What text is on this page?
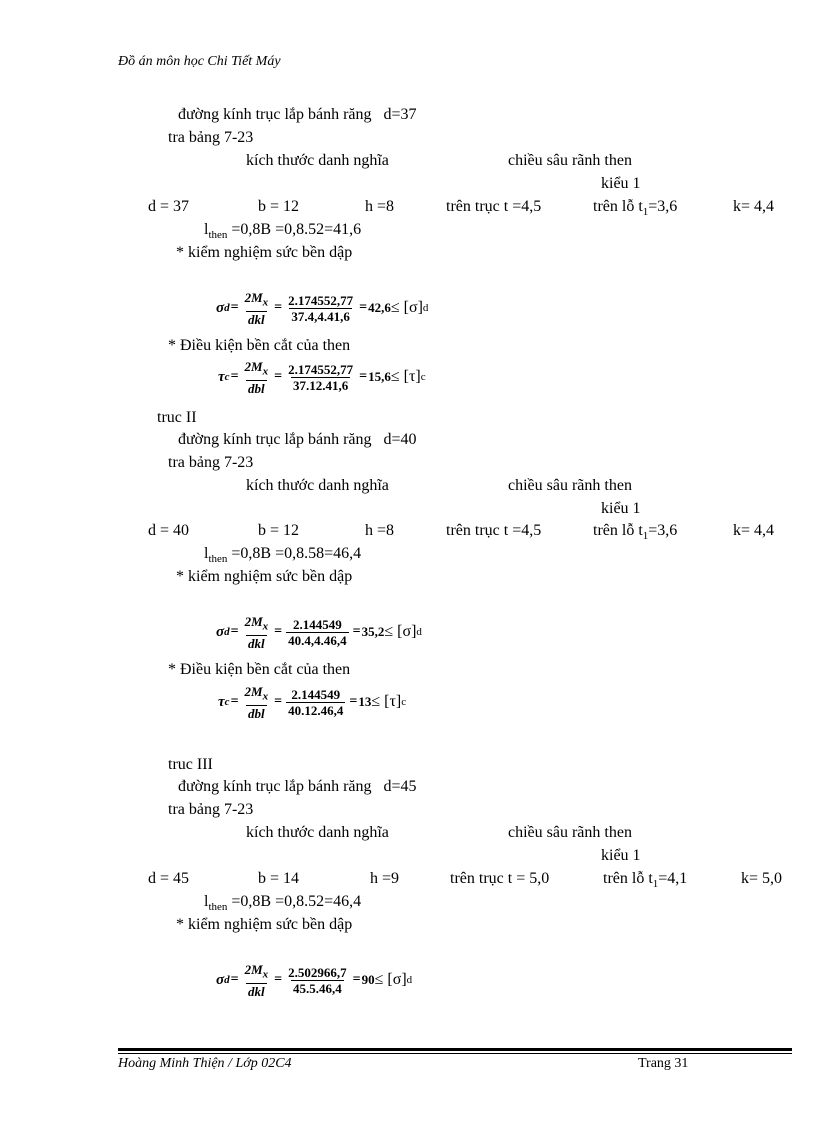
Đồ án môn học Chi Tiết Máy
đường kính trục lắp bánh răng d=37
tra bảng 7-23
kích thước danh nghĩa	chiều sâu rãnh then
kiểu 1
d = 37	b = 12	h =8	trên trục t =4,5	trên lỗ $t_1=3,6$	k= 4,4
$l_{then} =0,8B =0,8.52=41,6$
* kiểm nghiệm sức bền dập
σ d =
$2M_x$
dkl
= $\frac{2.174552,77}{37.4,4.41,6} = 42,6 \le [\sigma]$ d
* Điều kiện bền cắt của then
τ c =
$2M_x$
dbl
= $\frac{2.174552,77}{37.12.41,6} = 15,6 \le [\tau]$ c
truc II
đường kính trục lắp bánh răng d=40
tra bảng 7-23
kích thước danh nghĩa	chiều sâu rãnh then
kiểu 1
d = 40	b = 12	h =8	trên trục t =4,5	trên lỗ $t_1=3,6$	k= 4,4
$l_{then} =0,8B =0,8.58=46,4$
* kiểm nghiệm sức bền dập
σ d =
$2M_x$
dkl
= $\frac{2.144549}{40.4,4.46,4} = 35,2 \le [\sigma]$ d
* Điều kiện bền cắt của then
τ c =
$2M_x$
dbl
= $\frac{2.144549}{40.12.46,4} = 13 \le [\tau]$ c
truc III
đường kính trục lắp bánh răng d=45
tra bảng 7-23
kích thước danh nghĩa	chiều sâu rãnh then
kiểu 1
d = 45	b = 14	h =9	trên trục t = 5,0	trên lỗ $t_1=4,1$	k= 5,0
$l_{then} =0,8B =0,8.52=46,4$
* kiểm nghiệm sức bền dập
σ d =
$2M_x$
dkl
= $\frac{2.502966,7}{45.5.46,4} = 90 \le [\sigma]$ d
Hoàng Minh Thiện / Lớp 02C4	Trang 31
